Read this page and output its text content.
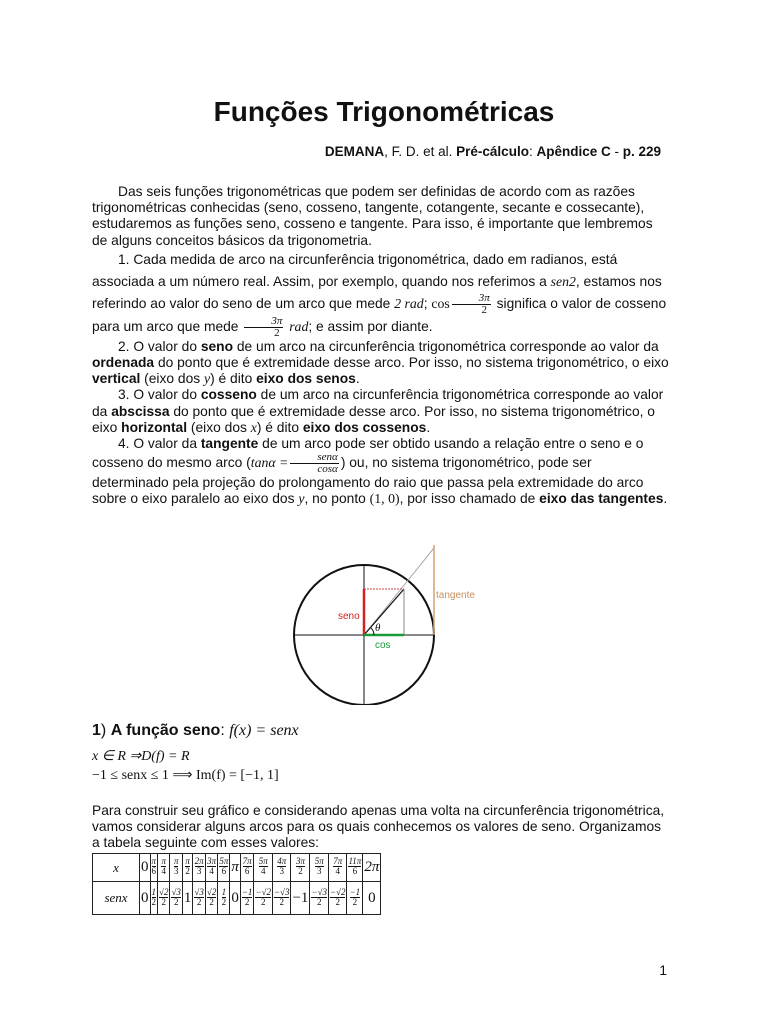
Funções Trigonométricas
DEMANA, F. D. et al. Pré-cálculo: Apêndice C - p. 229

Das seis funções trigonométricas que podem ser definidas de acordo com as razões trigonométricas conhecidas (seno, cosseno, tangente, cotangente, secante e cossecante), estudaremos as funções seno, cosseno e tangente. Para isso, é importante que lembremos de alguns conceitos básicos da trigonometria.

1. Cada medida de arco na circunferência trigonométrica, dado em radianos, está associada a um número real. Assim, por exemplo, quando nos referimos a sen2, estamos nos referindo ao valor do seno de um arco que mede 2 rad; $\cos \frac{3\pi}{2}$ significa o valor de cosseno para um arco que mede $\frac{3\pi}{2}$ rad; e assim por diante.

2. O valor do seno de um arco na circunferência trigonométrica corresponde ao valor da ordenada do ponto que é extremidade desse arco. Por isso, no sistema trigonométrico, o eixo vertical (eixo dos y) é dito eixo dos senos.

3. O valor do cosseno de um arco na circunferência trigonométrica corresponde ao valor da abscissa do ponto que é extremidade desse arco. Por isso, no sistema trigonométrico, o eixo horizontal (eixo dos x) é dito eixo dos cossenos.

4. O valor da tangente de um arco pode ser obtido usando a relação entre o seno e o cosseno do mesmo arco ($\tan\alpha = \frac{\text{senα}}{\cos\alpha}$ ) ou, no sistema trigonométrico, pode ser determinado pela projeção do prolongamento do raio que passa pela extremidade do arco sobre o eixo paralelo ao eixo dos y, no ponto (1, 0), por isso chamado de eixo das tangentes.

seno
cos
θ
tangente
1) A função seno: f(x) = senx
x ∈ R ⇒D(f) = R
−1 ≤ senx ≤ 1 ⟹ Im(f) = [−1, 1]

Para construir seu gráfico e considerando apenas uma volta na circunferência trigonométrica, vamos considerar alguns arcos para os quais conhecemos os valores de seno. Organizamos a tabela seguinte com esses valores:

x	0	$\frac{\pi}{6}$	$\frac{\pi}{4}$	$\frac{\pi}{3}$	$\frac{\pi}{2}$	$\frac{2\pi}{3}$	$\frac{3\pi}{4}$	$\frac{5\pi}{6}$	π	$\frac{7\pi}{6}$	$\frac{5\pi}{4}$	$\frac{4\pi}{3}$	$\frac{3\pi}{2}$	$\frac{5\pi}{3}$	$\frac{7\pi}{4}$	$\frac{11\pi}{6}$	2π
senx	0	$\frac{1}{2}$	$\frac{√2}{2}$	$\frac{√3}{2}$	1	$\frac{√3}{2}$	$\frac{√2}{2}$	$\frac{1}{2}$	0	$\frac{-1}{2}$	$\frac{-√2}{2}$	$\frac{-√3}{2}$	−1	$\frac{-√3}{2}$	$\frac{-√2}{2}$	$\frac{-1}{2}$	0
1
